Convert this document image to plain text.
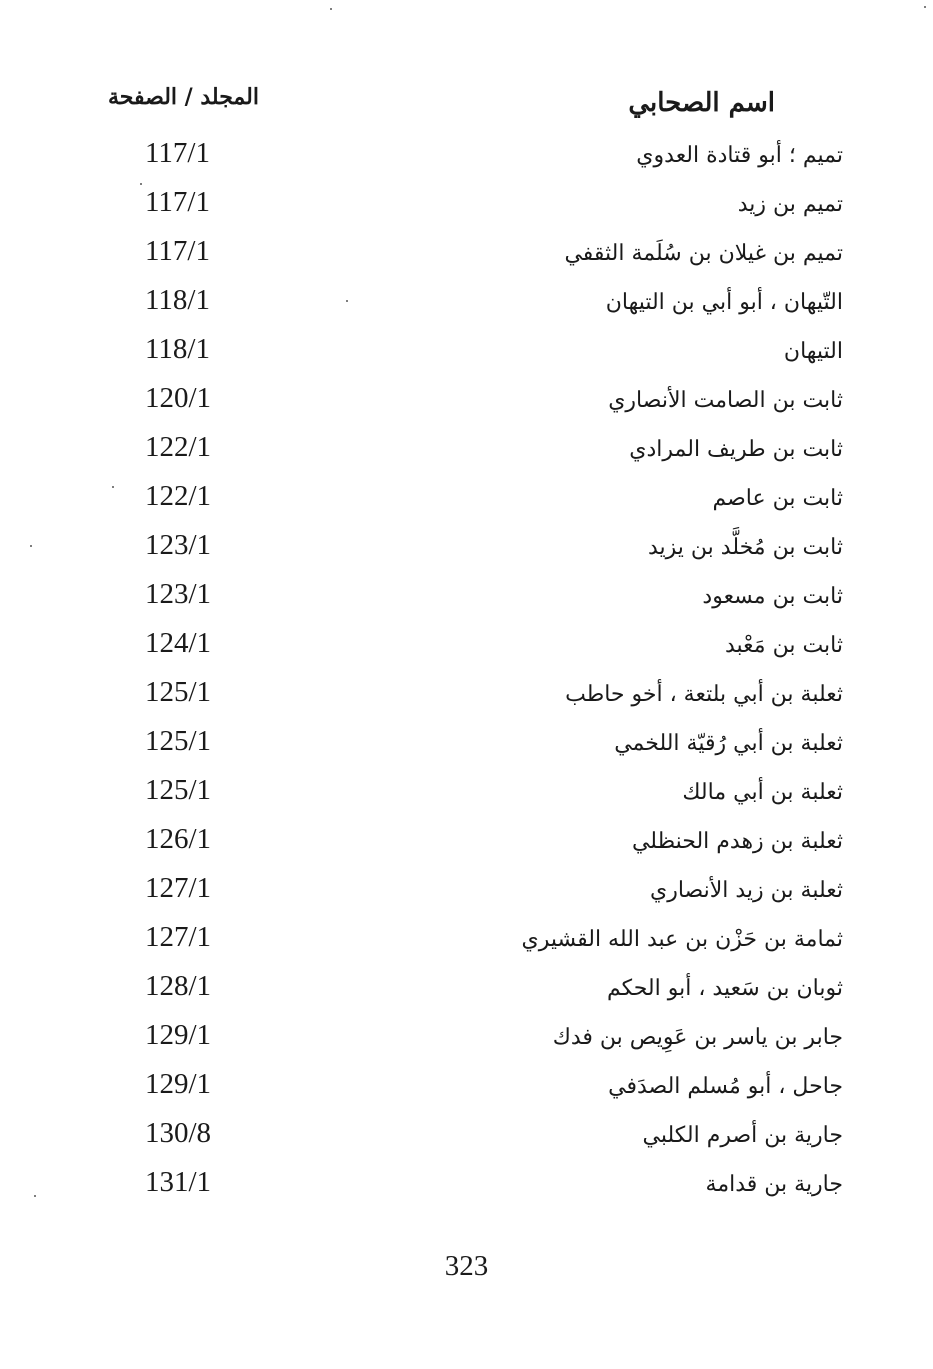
اسم الصحابي
المجلد / الصفحة
تميم ؛ أبو قتادة العدوي
117/1
تميم بن زيد
117/1
تميم بن غيلان بن سُلَمة الثقفي
117/1
التّيهان ، أبو أبي بن التيهان
118/1
التيهان
118/1
ثابت بن الصامت الأنصاري
120/1
ثابت بن طريف المرادي
122/1
ثابت بن عاصم
122/1
ثابت بن مُخلَّد بن يزيد
123/1
ثابت بن مسعود
123/1
ثابت بن مَعْبد
124/1
ثعلبة بن أبي بلتعة ، أخو حاطب
125/1
ثعلبة بن أبي رُقيّة اللخمي
125/1
ثعلبة بن أبي مالك
125/1
ثعلبة بن زهدم الحنظلي
126/1
ثعلبة بن زيد الأنصاري
127/1
ثمامة بن حَزْن بن عبد الله القشيري
127/1
ثوبان بن سَعيد ، أبو الحكم
128/1
جابر بن ياسر بن عَوِيص بن فدك
129/1
جاحل ، أبو مُسلم الصدَفي
129/1
جارية بن أصرم الكلبي
130/8
جارية بن قدامة
131/1
323
